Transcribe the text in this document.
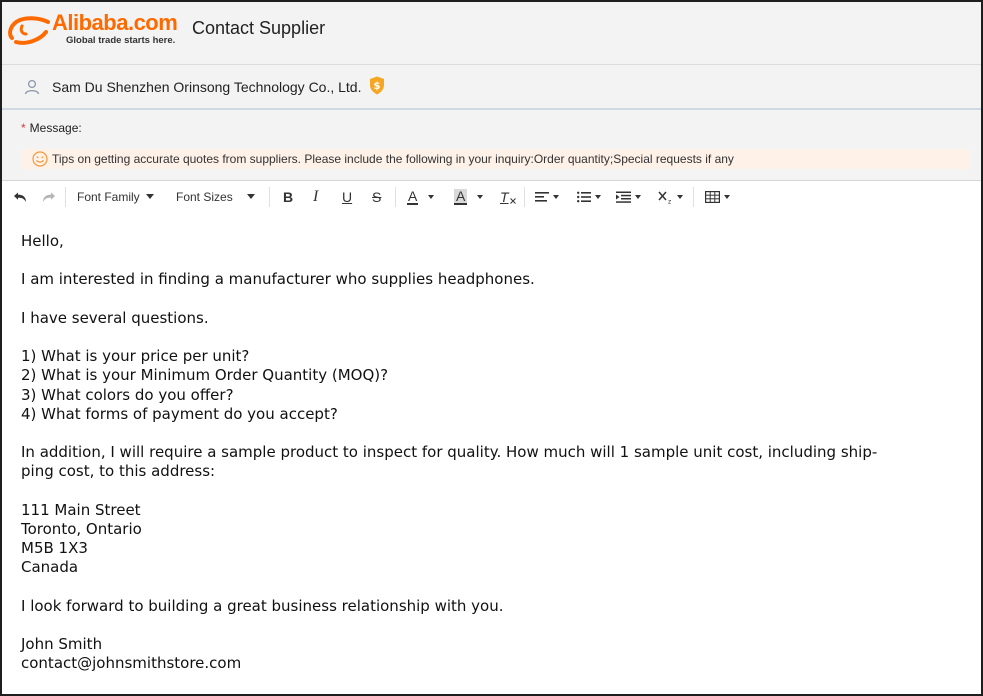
Alibaba.com
Global trade starts here.
Contact Supplier
Sam Du Shenzhen Orinsong Technology Co., Ltd. $
* Message:
Tips on getting accurate quotes from suppliers. Please include the following in your inquiry:Order quantity;Special requests if any
Font Family	Font Sizes	B I U S A	A T	z

Hello,

I am interested in finding a manufacturer who supplies headphones.

I have several questions.

1) What is your price per unit?
2) What is your Minimum Order Quantity (MOQ)?
3) What colors do you offer?
4) What forms of payment do you accept?

In addition, I will require a sample product to inspect for quality. How much will 1 sample unit cost, including ship-
ping cost, to this address:

111 Main Street
Toronto, Ontario
M5B 1X3
Canada

I look forward to building a great business relationship with you.

John Smith
contact@johnsmithstore.com
